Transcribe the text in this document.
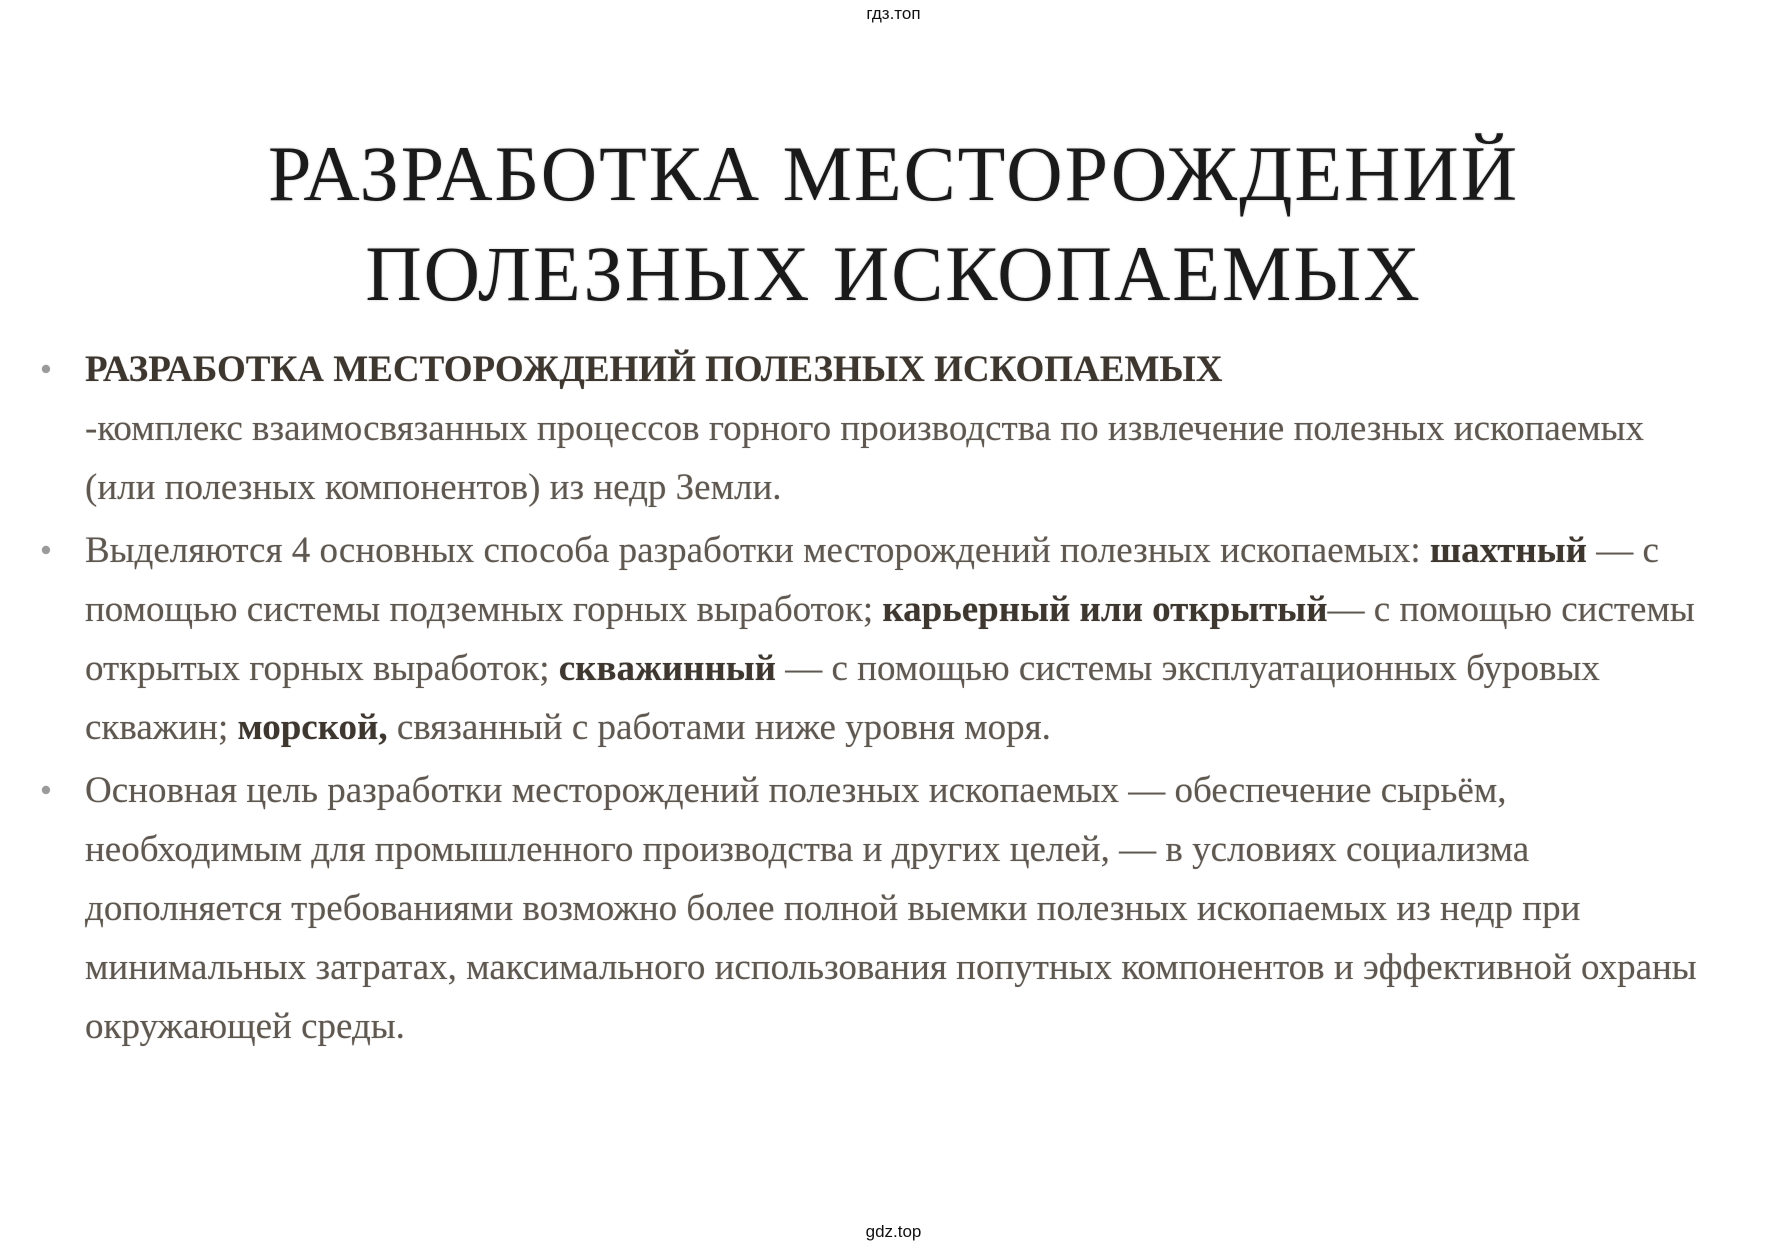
гдз.топ
РАЗРАБОТКА МЕСТОРОЖДЕНИЙ
ПОЛЕЗНЫХ ИСКОПАЕМЫХ
• РАЗРАБОТКА МЕСТОРОЖДЕНИЙ ПОЛЕЗНЫХ ИСКОПАЕМЫХ
-комплекс взаимосвязанных процессов горного производства по извлечение полезных ископаемых (или полезных компонентов) из недр Земли.
• Выделяются 4 основных способа разработки месторождений полезных ископаемых: шахтный — с помощью системы подземных горных выработок; карьерный или открытый— с помощью системы открытых горных выработок; скважинный — с помощью системы эксплуатационных буровых скважин; морской, связанный с работами ниже уровня моря.
• Основная цель разработки месторождений полезных ископаемых — обеспечение сырьём, необходимым для промышленного производства и других целей, — в условиях социализма дополняется требованиями возможно более полной выемки полезных ископаемых из недр при минимальных затратах, максимального использования попутных компонентов и эффективной охраны окружающей среды.
gdz.top
